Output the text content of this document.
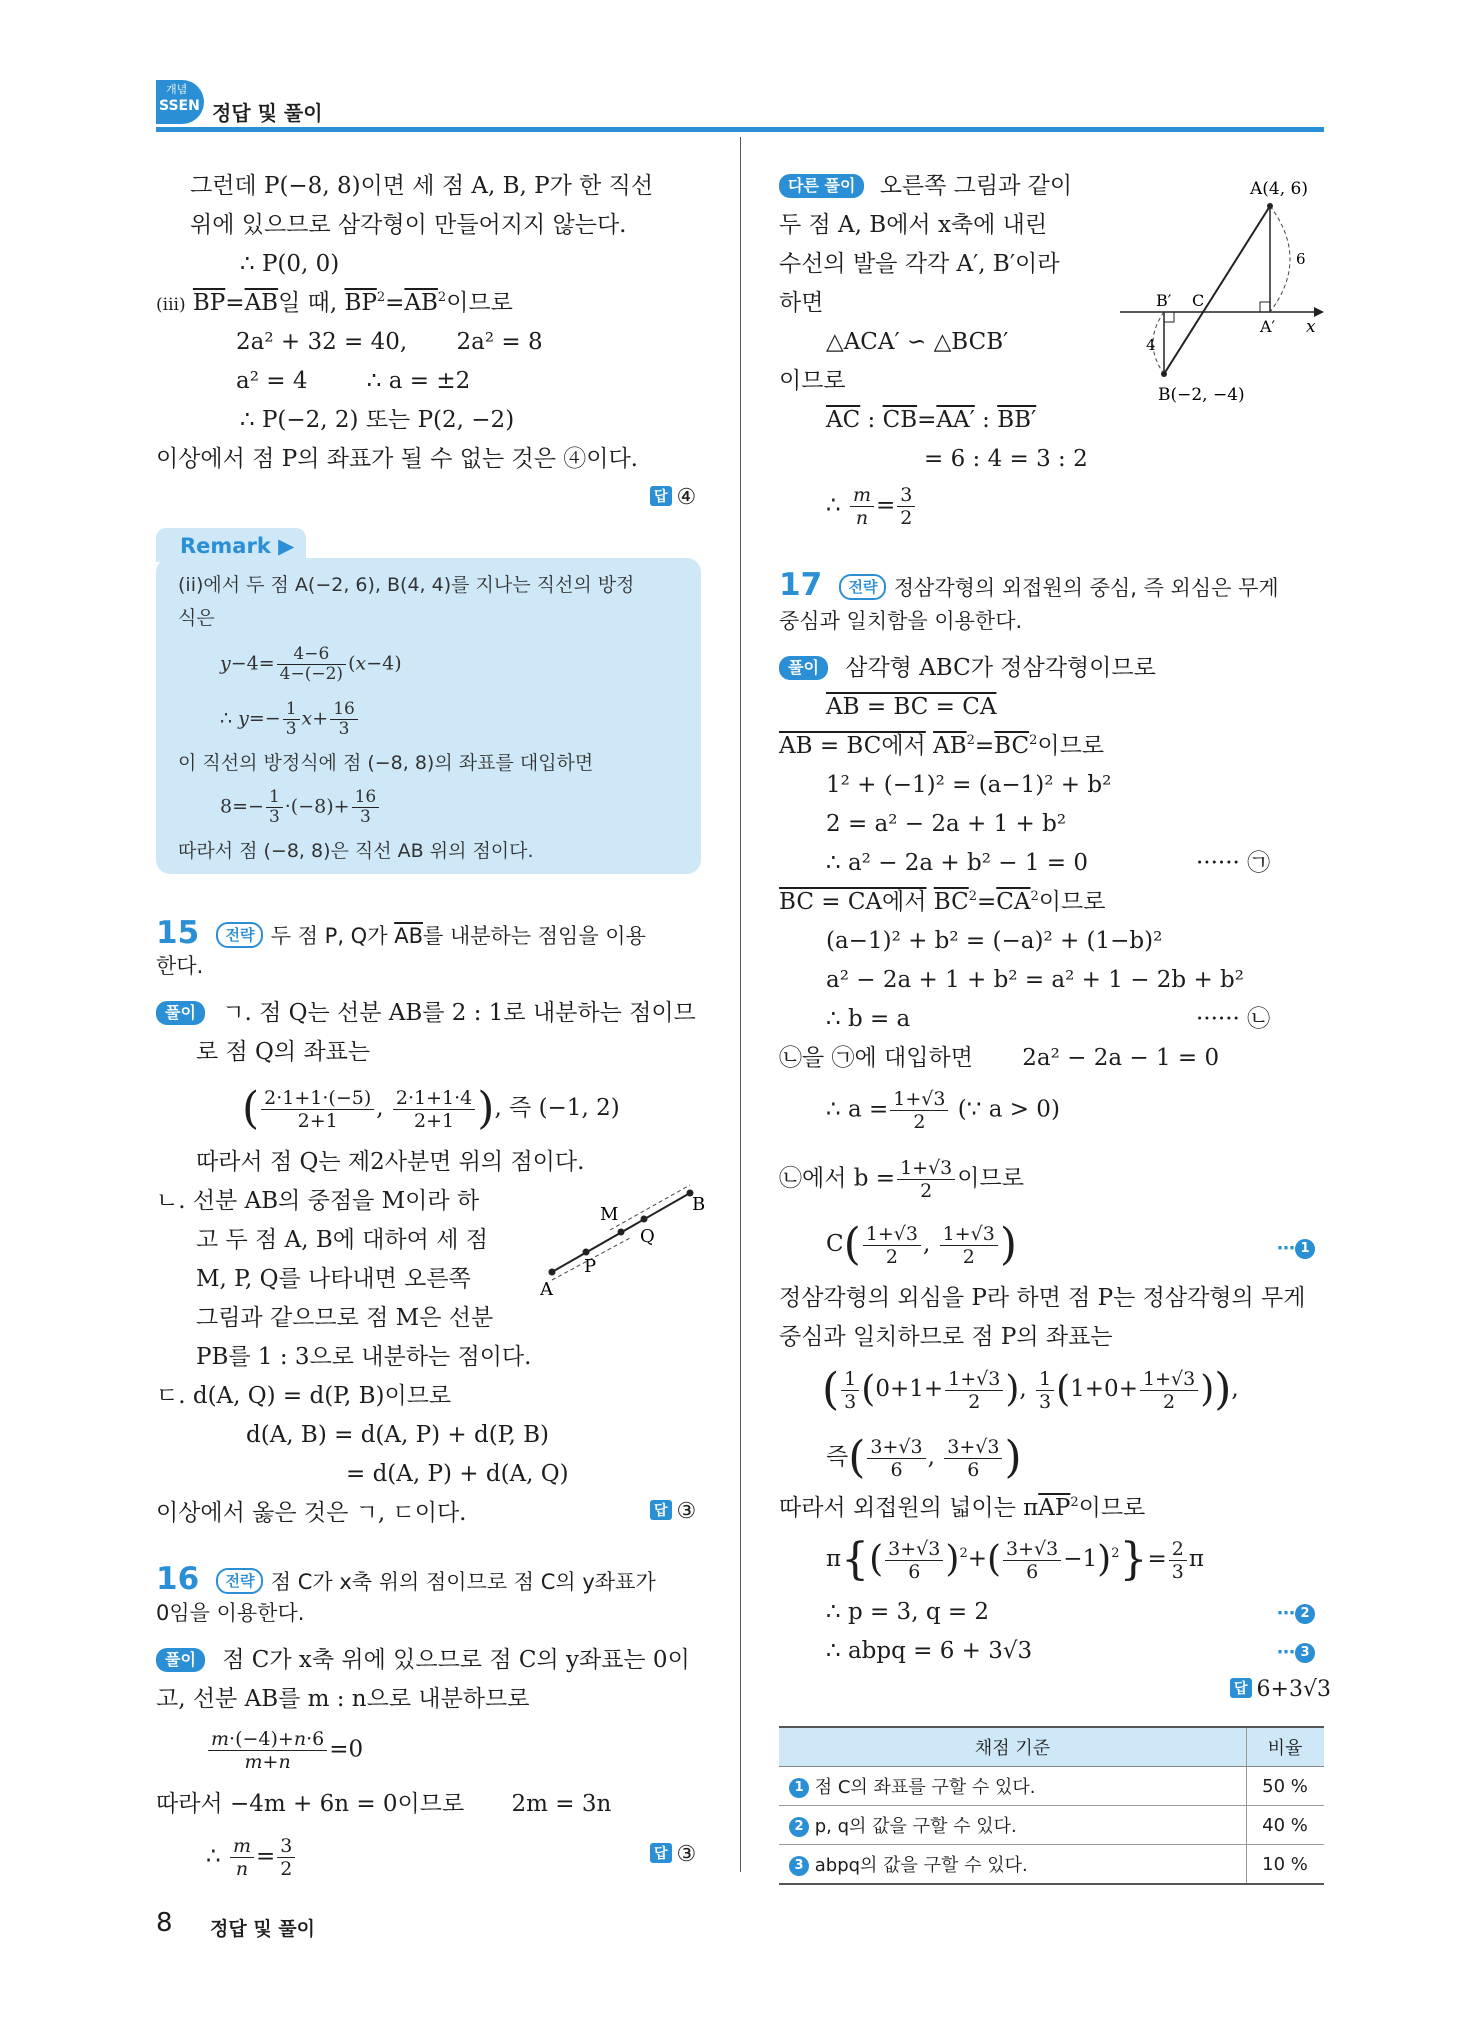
개념
SSEN 정답 및 풀이
그런데 P(−8, 8)이면 세 점 A, B, P가 한 직선
위에 있으므로 삼각형이 만들어지지 않는다.
∴ P(0, 0)
(iii) $\overline{BP}=\overline{AB}$일 때, $\overline{BP}^2=\overline{AB}^2$이므로
2a² + 32 = 40, 2a² = 8
a² = 4	∴ a = ±2
∴ P(−2, 2) 또는 P(2, −2)
이상에서 점 P의 좌표가 될 수 없는 것은 ④이다.
답 ④
Remark ▶
(ii)에서 두 점 A(−2, 6), B(4, 4)를 지나는 직선의 방정
식은
$y-4= \frac{4-6}{4-(-2)} (x-4)$
∴ $y=- \frac{1}{3} x+ \frac{16}{3}$
이 직선의 방정식에 점 (−8, 8)의 좌표를 대입하면
$8=- \frac{1}{3} \cdot(-8)+ \frac{16}{3}$
따라서 점 (−8, 8)은 직선 AB 위의 점이다.
15 전략 두 점 P, Q가 $\overline{AB}$를 내분하는 점임을 이용
한다.
풀이 ㄱ. 점 Q는 선분 AB를 2 : 1로 내분하는 점이므
로 점 Q의 좌표는
( $\frac{2\cdot 1+1\cdot(-5)}{2+1}$ , $\frac{2\cdot 1+1\cdot 4}{2+1}$ ), 즉 (−1, 2)
따라서 점 Q는 제2사분면 위의 점이다.
ㄴ. 선분 AB의 중점을 M이라 하
고 두 점 A, B에 대하여 세 점
M, P, Q를 나타내면 오른쪽
그림과 같으므로 점 M은 선분
PB를 1 : 3으로 내분하는 점이다.
M
P
Q
A
B
ㄷ. d(A, Q) = d(P, B)이므로
d(A, B) = d(A, P) + d(P, B)
= d(A, P) + d(A, Q)
이상에서 옳은 것은 ㄱ, ㄷ이다.	답 ③
16 전략 점 C가 x축 위의 점이므로 점 C의 y좌표가
0임을 이용한다.
풀이 점 C가 x축 위에 있으므로 점 C의 y좌표는 0이
고, 선분 AB를 m : n으로 내분하므로
$\frac{m\cdot(-4)+n\cdot 6}{m+n} =0$
따라서 −4m + 6n = 0이므로 2m = 3n
∴ $\frac{m}{n} = \frac{3}{2}$	답 ③
다른 풀이 오른쪽 그림과 같이
두 점 A, B에서 x축에 내린
수선의 발을 각각 A′, B′이라
하면
△ACA′ ∽ △BCB′
이므로
$\overline{AC}$ : $\overline{CB}=AA'$ : BB′
= 6 : 4 = 3 : 2
∴ $\frac{m}{n} = \frac{3}{2}$
A(4, 6)
B(−2, −4)
B′ C
A′ x
6
4
17 전략 정삼각형의 외접원의 중심, 즉 외심은 무게
중심과 일치함을 이용한다.
풀이 삼각형 ABC가 정삼각형이므로
AB = BC = CA
AB = BC에서 $\overline{AB}^2=\overline{BC}^2$이므로
1² + (−1)² = (a−1)² + b²
2 = a² − 2a + 1 + b²
∴ a² − 2a + b² − 1 = 0	······ ㉠
BC = CA에서 $\overline{BC}^2=\overline{CA}^2$이므로
(a−1)² + b² = (−a)² + (1−b)²
a² − 2a + 1 + b² = a² + 1 − 2b + b²
∴ b = a	······ ㉡
㉡을 ㉠에 대입하면 2a² − 2a − 1 = 0
∴ $a = \frac{1+√3}{2}$ (∵ a > 0)
㉡에서 $b = \frac{1+√3}{2}$ 이므로
$C( \frac{1+√3}{2}$ , $\frac{1+√3}{2}$ )	⋯ 1
정삼각형의 외심을 P라 하면 점 P는 정삼각형의 무게
중심과 일치하므로 점 P의 좌표는
( $\frac{1}{3} (0+1+ \frac{1+√3}{2}$ ), $\frac{1}{3} (1+0+ \frac{1+√3}{2}$ )),
즉( $\frac{3+√3}{6}$ , $\frac{3+√3}{6}$ )
따라서 외접원의 넓이는 $\pi\overline{AP}^2$이므로
$\pi\{( \frac{3+√3}{6} )^2+( \frac{3+√3}{6} -1)^2\}= \frac{2}{3}$ π
∴ p = 3, q = 2	⋯ 2
∴ abpq = 6 + 3√3	⋯ 3
답 6+3√3
채점 기준	비율
1 점 C의 좌표를 구할 수 있다.	50 %
2 p, q의 값을 구할 수 있다.	40 %
3 abpq의 값을 구할 수 있다.	10 %
8 정답 및 풀이
